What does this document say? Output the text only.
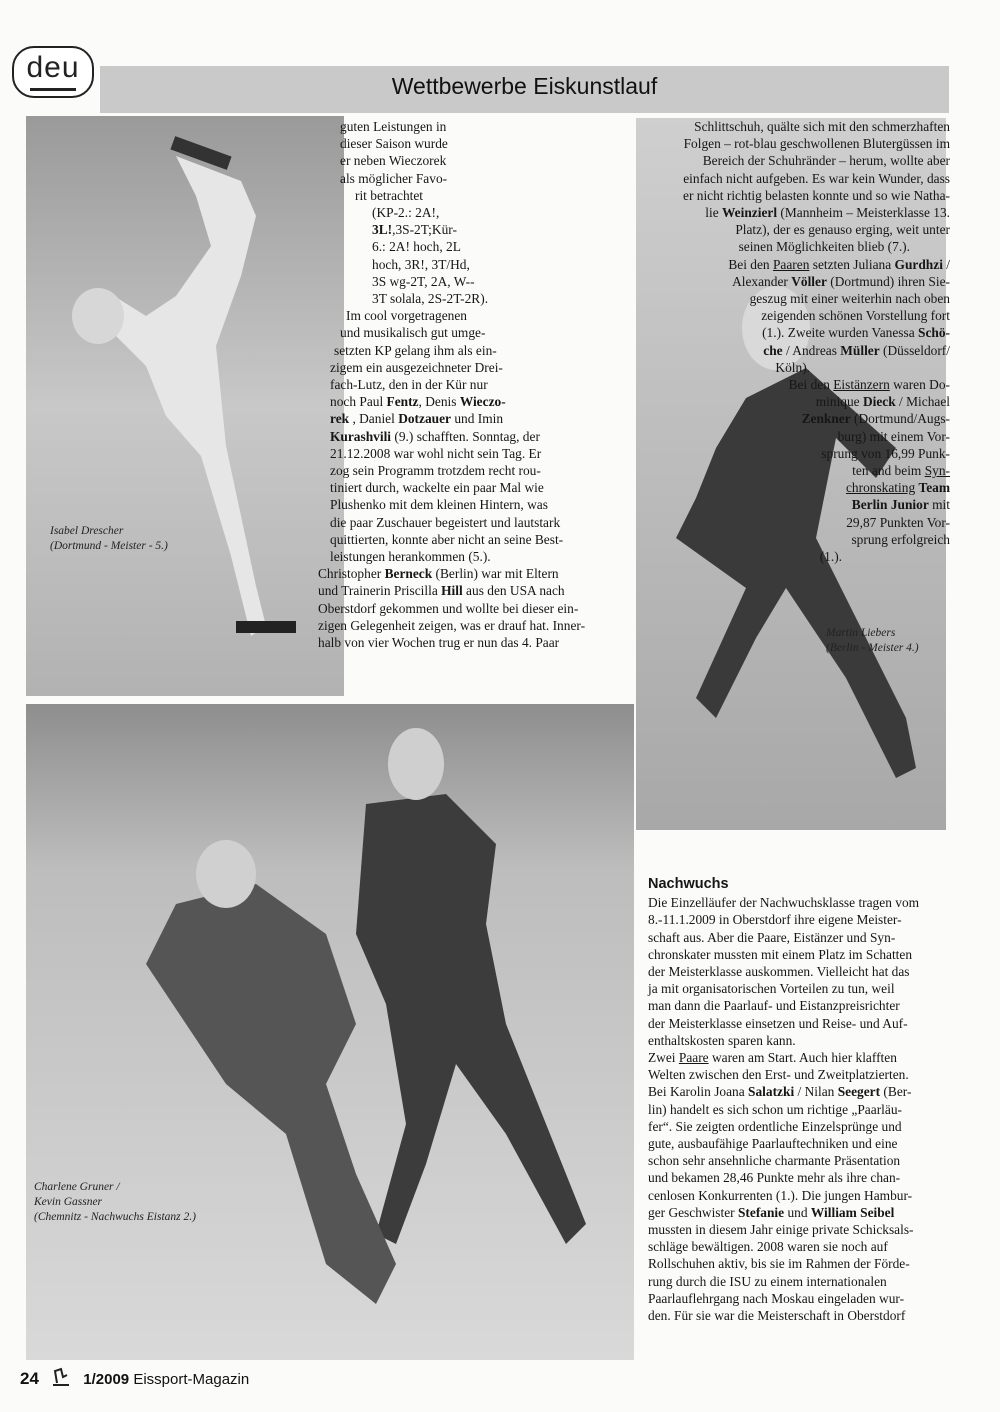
deu
Wettbewerbe Eiskunstlauf
Isabel Drescher
(Dortmund - Meister - 5.)
Martin Liebers
(Berlin - Meister 4.)
Charlene Gruner /
Kevin Gassner
(Chemnitz - Nachwuchs Eistanz 2.)
guten Leistungen in
dieser Saison wurde
er neben Wieczorek
als möglicher Favo-
rit betrachtet
(KP-2.: 2A!,
3L!,3S-2T;Kür-
6.: 2A! hoch, 2L
hoch, 3R!, 3T/Hd,
3S wg-2T, 2A, W--
3T solala, 2S-2T-2R).
Im cool vorgetragenen
und musikalisch gut umge-
setzten KP gelang ihm als ein-
zigem ein ausgezeichneter Drei-
fach-Lutz, den in der Kür nur
noch Paul Fentz, Denis Wieczo-
rek , Daniel Dotzauer und Imin
Kurashvili (9.) schafften. Sonntag, der
21.12.2008 war wohl nicht sein Tag. Er
zog sein Programm trotzdem recht rou-
tiniert durch, wackelte ein paar Mal wie
Plushenko mit dem kleinen Hintern, was
die paar Zuschauer begeistert und lautstark
quittierten, konnte aber nicht an seine Best-
leistungen herankommen (5.).
Christopher Berneck (Berlin) war mit Eltern
und Trainerin Priscilla Hill aus den USA nach
Oberstdorf gekommen und wollte bei dieser ein-
zigen Gelegenheit zeigen, was er drauf hat. Inner-
halb von vier Wochen trug er nun das 4. Paar
Schlittschuh, quälte sich mit den schmerzhaften
Folgen – rot-blau geschwollenen Blutergüssen im
Bereich der Schuhränder – herum, wollte aber
einfach nicht aufgeben. Es war kein Wunder, dass
er nicht richtig belasten konnte und so wie Natha-
lie Weinzierl (Mannheim – Meisterklasse 13.
Platz), der es genauso erging, weit unter
seinen Möglichkeiten blieb (7.).
Bei den Paaren setzten Juliana Gurdhzi /
Alexander Völler (Dortmund) ihren Sie-
geszug mit einer weiterhin nach oben
zeigenden schönen Vorstellung fort
(1.). Zweite wurden Vanessa Schö-
che / Andreas Müller (Düsseldorf/
Köln).
Bei den Eistänzern waren Do-
minique Dieck / Michael
Zenkner (Dortmund/Augs-
burg) mit einem Vor-
sprung von 16,99 Punk-
ten and beim Syn-
chronskating Team
Berlin Junior mit
29,87 Punkten Vor-
sprung erfolgreich
(1.).
Nachwuchs
Die Einzelläufer der Nachwuchsklasse tragen vom
8.-11.1.2009 in Oberstdorf ihre eigene Meister-
schaft aus. Aber die Paare, Eistänzer und Syn-
chronskater mussten mit einem Platz im Schatten
der Meisterklasse auskommen. Vielleicht hat das
ja mit organisatorischen Vorteilen zu tun, weil
man dann die Paarlauf- und Eistanzpreisrichter
der Meisterklasse einsetzen und Reise- und Auf-
enthaltskosten sparen kann.
Zwei Paare waren am Start. Auch hier klafften
Welten zwischen den Erst- und Zweitplatzierten.
Bei Karolin Joana Salatzki / Nilan Seegert (Ber-
lin) handelt es sich schon um richtige „Paarläu-
fer“. Sie zeigten ordentliche Einzelsprünge und
gute, ausbaufähige Paarlauftechniken und eine
schon sehr ansehnliche charmante Präsentation
und bekamen 28,46 Punkte mehr als ihre chan-
cenlosen Konkurrenten (1.). Die jungen Hambur-
ger Geschwister Stefanie und William Seibel
mussten in diesem Jahr einige private Schicksals-
schläge bewältigen. 2008 waren sie noch auf
Rollschuhen aktiv, bis sie im Rahmen der Förde-
rung durch die ISU zu einem internationalen
Paarlauflehrgang nach Moskau eingeladen wur-
den. Für sie war die Meisterschaft in Oberstdorf
24	1/2009 Eissport-Magazin
